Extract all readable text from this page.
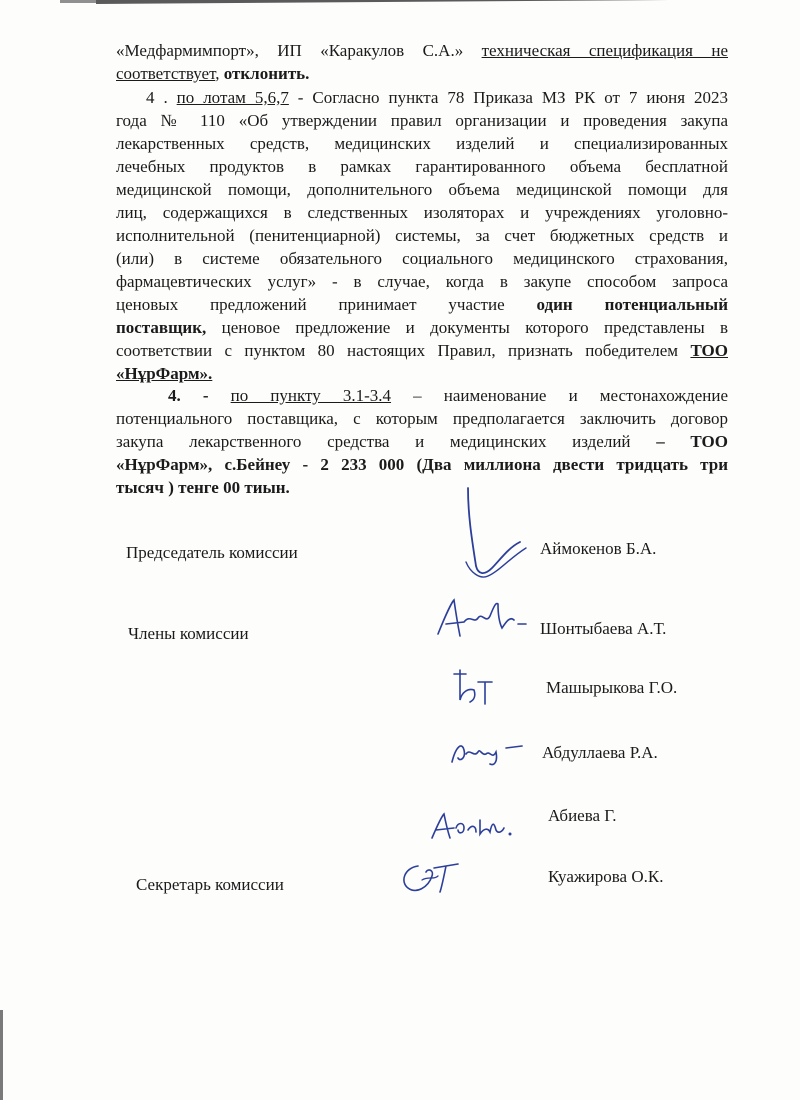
«Медфармимпорт», ИП «Каракулов С.А.» техническая спецификация не
соответствует, отклонить.
4 . по лотам 5,6,7 - Согласно пункта 78 Приказа МЗ РК от 7 июня 2023
года № 110 «Об утверждении правил организации и проведения закупа
лекарственных средств, медицинских изделий и специализированных
лечебных продуктов в рамках гарантированного объема бесплатной
медицинской помощи, дополнительного объема медицинской помощи для
лиц, содержащихся в следственных изоляторах и учреждениях уголовно-
исполнительной (пенитенциарной) системы, за счет бюджетных средств и
(или) в системе обязательного социального медицинского страхования,
фармацевтических услуг» - в случае, когда в закупе способом запроса
ценовых предложений принимает участие один потенциальный
поставщик, ценовое предложение и документы которого представлены в
соответствии с пунктом 80 настоящих Правил, признать победителем ТОО
«НұрФарм».
4. - по пункту 3.1-3.4 – наименование и местонахождение
потенциального поставщика, с которым предполагается заключить договор
закупа лекарственного средства и медицинских изделий – ТОО
«НұрФарм», с.Бейнеу - 2 233 000 (Два миллиона двести тридцать три
тысяч ) тенге 00 тиын.
Председатель комиссии	Аймокенов Б.А.
Члены комиссии	Шонтыбаева А.Т.
Машырыкова Г.О.
Абдуллаева Р.А.
Абиева Г.
Секретарь комиссии	Куажирова О.К.
